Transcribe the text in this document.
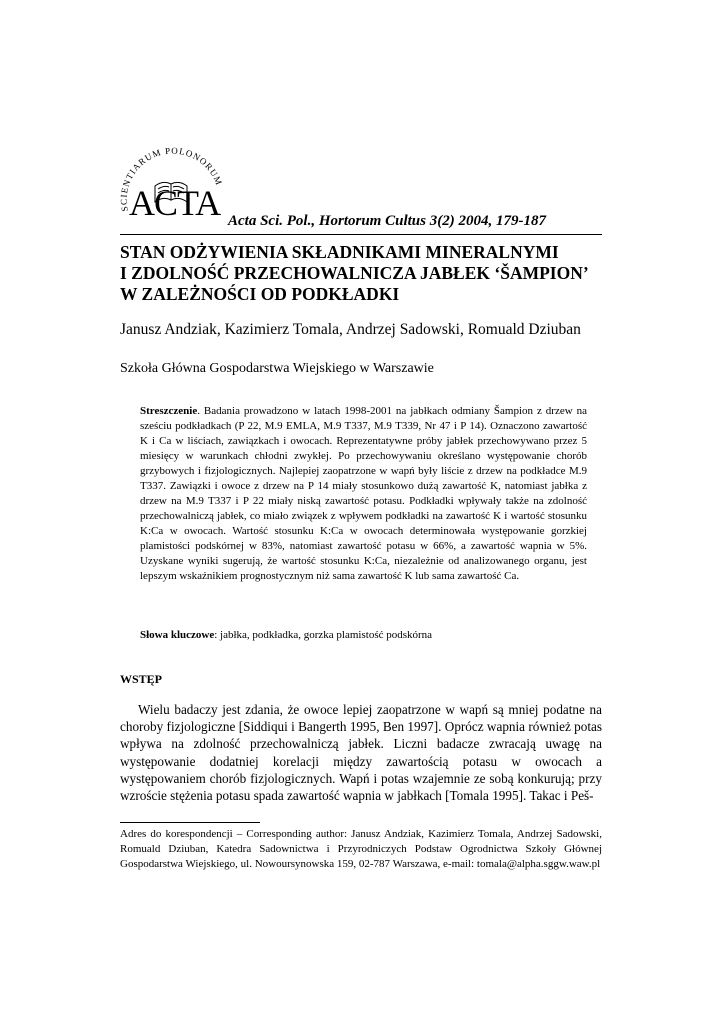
SCIENTIARUM POLONORUM
ACTA Acta Sci. Pol., Hortorum Cultus 3(2) 2004, 179-187
STAN ODŻYWIENIA SKŁADNIKAMI MINERALNYMI
I ZDOLNOŚĆ PRZECHOWALNICZA JABŁEK ‘ŠAMPION’
W ZALEŻNOŚCI OD PODKŁADKI
Janusz Andziak, Kazimierz Tomala, Andrzej Sadowski, Romuald Dziuban
Szkoła Główna Gospodarstwa Wiejskiego w Warszawie
Streszczenie. Badania prowadzono w latach 1998-2001 na jabłkach odmiany Šampion z drzew na sześciu podkładkach (P 22, M.9 EMLA, M.9 T337, M.9 T339, Nr 47 i P 14). Oznaczono zawartość K i Ca w liściach, zawiązkach i owocach. Reprezentatywne próby jabłek przechowywano przez 5 miesięcy w warunkach chłodni zwykłej. Po przechowywaniu określano występowanie chorób grzybowych i fizjologicznych. Najlepiej zaopatrzone w wapń były liście z drzew na podkładce M.9 T337. Zawiązki i owoce z drzew na P 14 miały stosunkowo dużą zawartość K, natomiast jabłka z drzew na M.9 T337 i P 22 miały niską zawartość potasu. Podkładki wpływały także na zdolność przechowalniczą jabłek, co miało związek z wpływem podkładki na zawartość K i wartość stosunku K:Ca w owocach. Wartość stosunku K:Ca w owocach determinowała występowanie gorzkiej plamistości podskórnej w 83%, natomiast zawartość potasu w 66%, a zawartość wapnia w 5%. Uzyskane wyniki sugerują, że wartość stosunku K:Ca, niezależnie od analizowanego organu, jest lepszym wskaźnikiem prognostycznym niż sama zawartość K lub sama zawartość Ca.
Słowa kluczowe: jabłka, podkładka, gorzka plamistość podskórna
WSTĘP

Wielu badaczy jest zdania, że owoce lepiej zaopatrzone w wapń są mniej podatne na choroby fizjologiczne [Siddiqui i Bangerth 1995, Ben 1997]. Oprócz wapnia również potas wpływa na zdolność przechowalniczą jabłek. Liczni badacze zwracają uwagę na występowanie dodatniej korelacji między zawartością potasu w owocach a występowaniem chorób fizjologicznych. Wapń i potas wzajemnie ze sobą konkurują; przy wzroście stężenia potasu spada zawartość wapnia w jabłkach [Tomala 1995]. Takac i Peš-

Adres do korespondencji – Corresponding author: Janusz Andziak, Kazimierz Tomala, Andrzej Sadowski, Romuald Dziuban, Katedra Sadownictwa i Przyrodniczych Podstaw Ogrodnictwa Szkoły Głównej Gospodarstwa Wiejskiego, ul. Nowoursynowska 159, 02-787 Warszawa, e-mail: tomala@alpha.sggw.waw.pl
